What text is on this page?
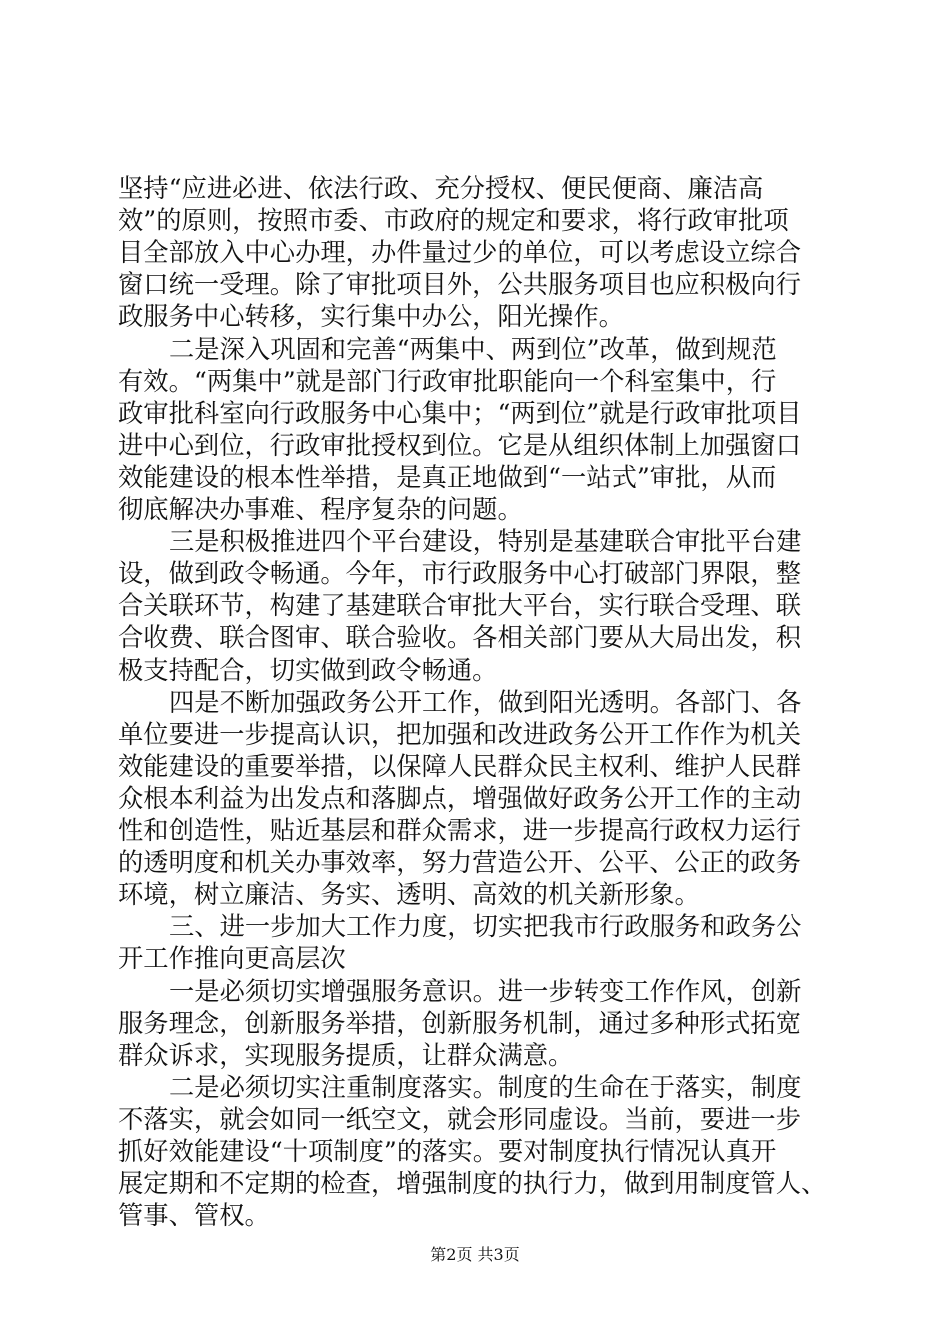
坚持“应进必进、依法行政、充分授权、便民便商、廉洁高
效”的原则，按照市委、市政府的规定和要求，将行政审批项
目全部放入中心办理，办件量过少的单位，可以考虑设立综合
窗口统一受理。除了审批项目外，公共服务项目也应积极向行
政服务中心转移，实行集中办公，阳光操作。
二是深入巩固和完善“两集中、两到位”改革，做到规范
有效。“两集中”就是部门行政审批职能向一个科室集中，行
政审批科室向行政服务中心集中；“两到位”就是行政审批项目
进中心到位，行政审批授权到位。它是从组织体制上加强窗口
效能建设的根本性举措，是真正地做到“一站式”审批，从而
彻底解决办事难、程序复杂的问题。
三是积极推进四个平台建设，特别是基建联合审批平台建
设，做到政令畅通。今年，市行政服务中心打破部门界限，整
合关联环节，构建了基建联合审批大平台，实行联合受理、联
合收费、联合图审、联合验收。各相关部门要从大局出发，积
极支持配合，切实做到政令畅通。
四是不断加强政务公开工作，做到阳光透明。各部门、各
单位要进一步提高认识，把加强和改进政务公开工作作为机关
效能建设的重要举措，以保障人民群众民主权利、维护人民群
众根本利益为出发点和落脚点，增强做好政务公开工作的主动
性和创造性，贴近基层和群众需求，进一步提高行政权力运行
的透明度和机关办事效率，努力营造公开、公平、公正的政务
环境，树立廉洁、务实、透明、高效的机关新形象。
三、进一步加大工作力度，切实把我市行政服务和政务公
开工作推向更高层次
一是必须切实增强服务意识。进一步转变工作作风，创新
服务理念，创新服务举措，创新服务机制，通过多种形式拓宽
群众诉求，实现服务提质，让群众满意。
二是必须切实注重制度落实。制度的生命在于落实，制度
不落实，就会如同一纸空文，就会形同虚设。当前，要进一步
抓好效能建设“十项制度”的落实。要对制度执行情况认真开
展定期和不定期的检查，增强制度的执行力，做到用制度管人、
管事、管权。
第2页 共3页
